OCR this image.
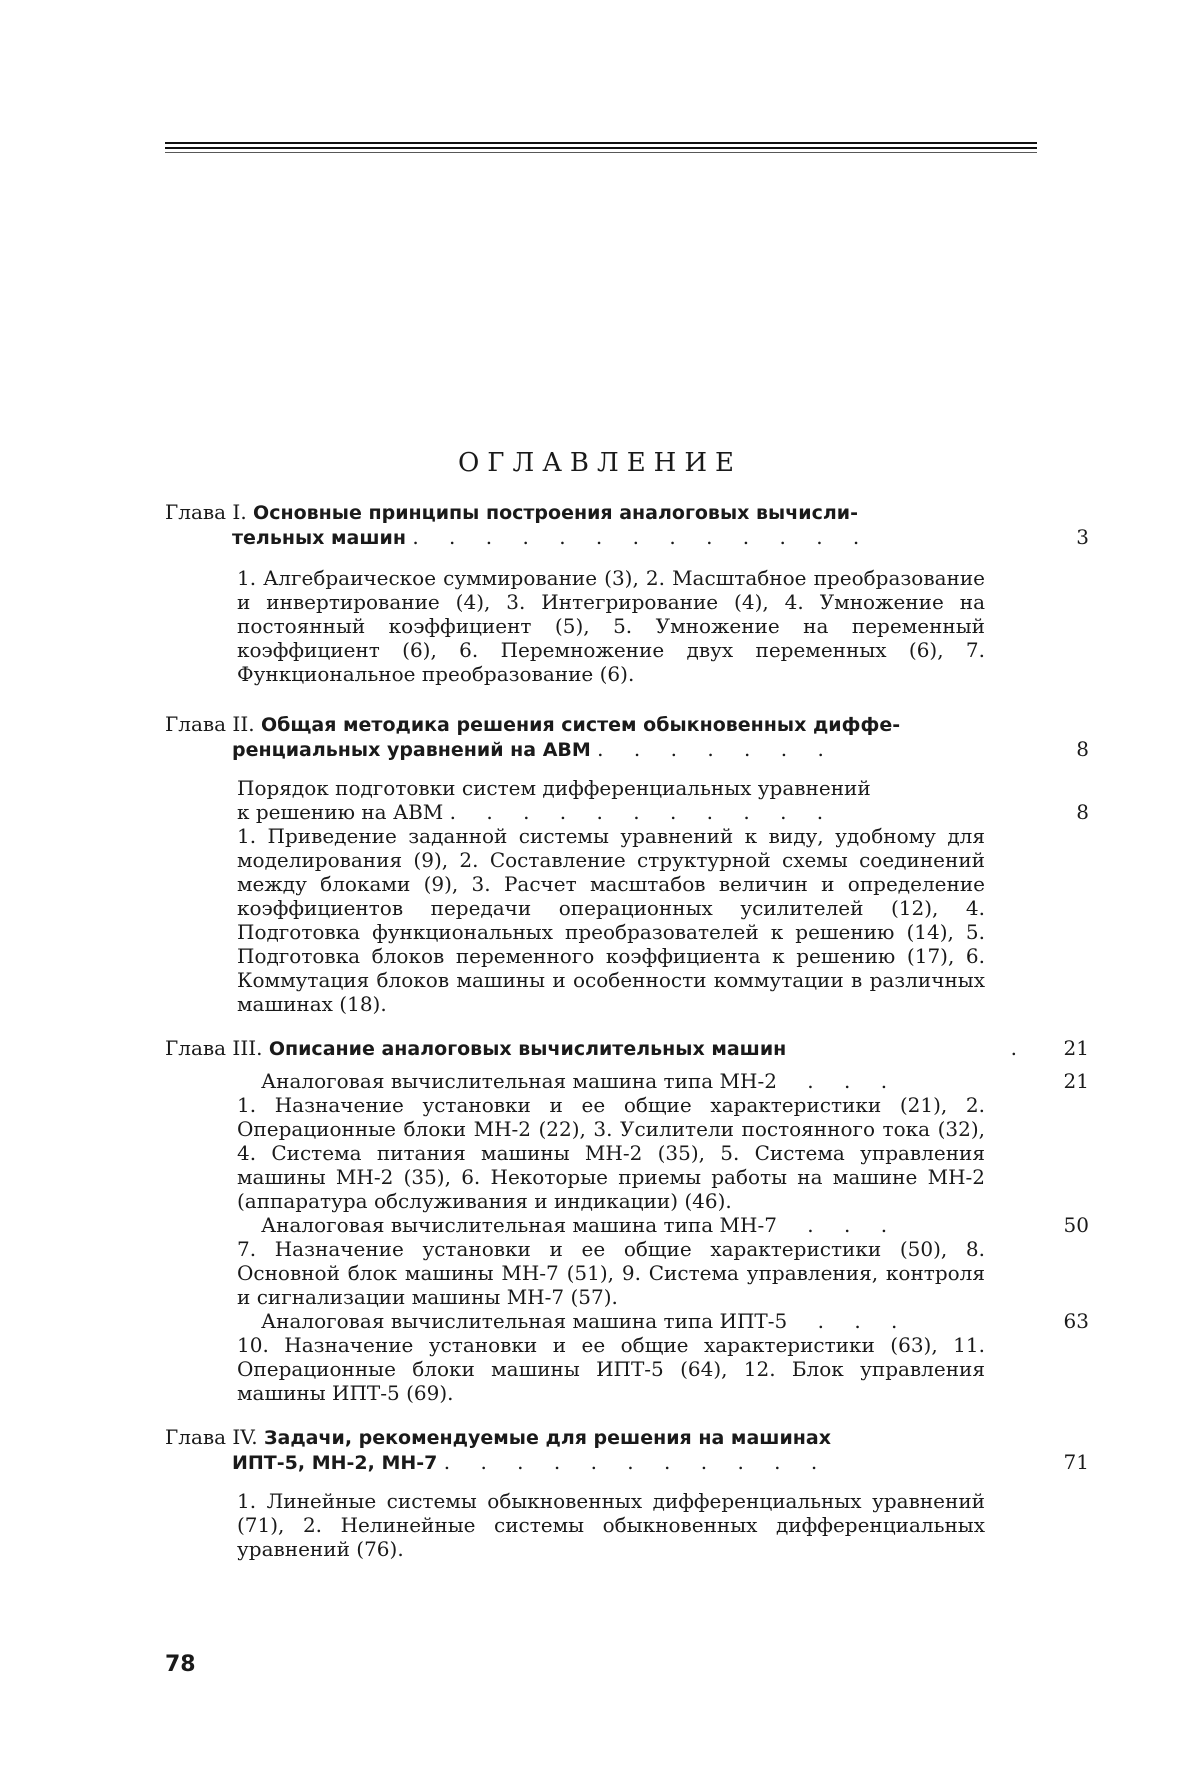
ОГЛАВЛЕНИЕ
Глава I. Основные принципы построения аналоговых вычисли-
тельных машин . . . . . . . . . . . . .	3
1. Алгебраическое суммирование (3), 2. Масштабное преобразование и инвертирование (4), 3. Интегрирование (4), 4. Умножение на постоянный коэффициент (5), 5. Умножение на переменный коэффициент (6), 6. Перемножение двух переменных (6), 7. Функциональное преобразование (6).
Глава II. Общая методика решения систем обыкновенных диффе-
ренциальных уравнений на АВМ . . . . . . .	8
Порядок подготовки систем дифференциальных уравнений
к решению на АВМ . . . . . . . . . . .	8
1. Приведение заданной системы уравнений к виду, удобному для моделирования (9), 2. Составление структурной схемы соединений между блоками (9), 3. Расчет масштабов величин и определение коэффициентов передачи операционных усилителей (12), 4. Подготовка функциональных преобразователей к решению (14), 5. Подготовка блоков переменного коэффициента к решению (17), 6. Коммутация блоков машины и особенности коммутации в различных машинах (18).
Глава III. Описание аналоговых вычислительных машин	. 21
Аналоговая вычислительная машина типа МН-2 . . .	21
1. Назначение установки и ее общие характеристики (21), 2. Операционные блоки МН-2 (22), 3. Усилители постоянного тока (32), 4. Система питания машины МН-2 (35), 5. Система управления машины МН-2 (35), 6. Некоторые приемы работы на машине МН-2 (аппаратура обслуживания и индикации) (46).
Аналоговая вычислительная машина типа МН-7 . . .	50
7. Назначение установки и ее общие характеристики (50), 8. Основной блок машины МН-7 (51), 9. Система управления, контроля и сигнализации машины МН-7 (57).
Аналоговая вычислительная машина типа ИПТ-5 . . .	63
10. Назначение установки и ее общие характеристики (63), 11. Операционные блоки машины ИПТ-5 (64), 12. Блок управления машины ИПТ-5 (69).
Глава IV. Задачи, рекомендуемые для решения на машинах
ИПТ-5, МН-2, МН-7 . . . . . . . . . . .	71
1. Линейные системы обыкновенных дифференциальных уравнений (71), 2. Нелинейные системы обыкновенных дифференциальных уравнений (76).
78
